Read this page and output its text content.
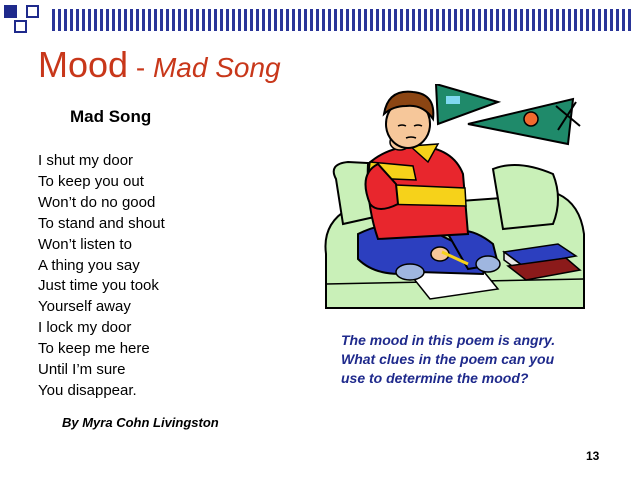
Mood - Mad Song
Mad Song
I shut my door
To keep you out
Won’t do no good
To stand and shout
Won’t listen to
A thing you say
Just time you took
Yourself away
I lock my door
To keep me here
Until I’m sure
You disappear.
By Myra Cohn Livingston
The mood in this poem is angry. What clues in the poem can you use to determine the mood?
13
